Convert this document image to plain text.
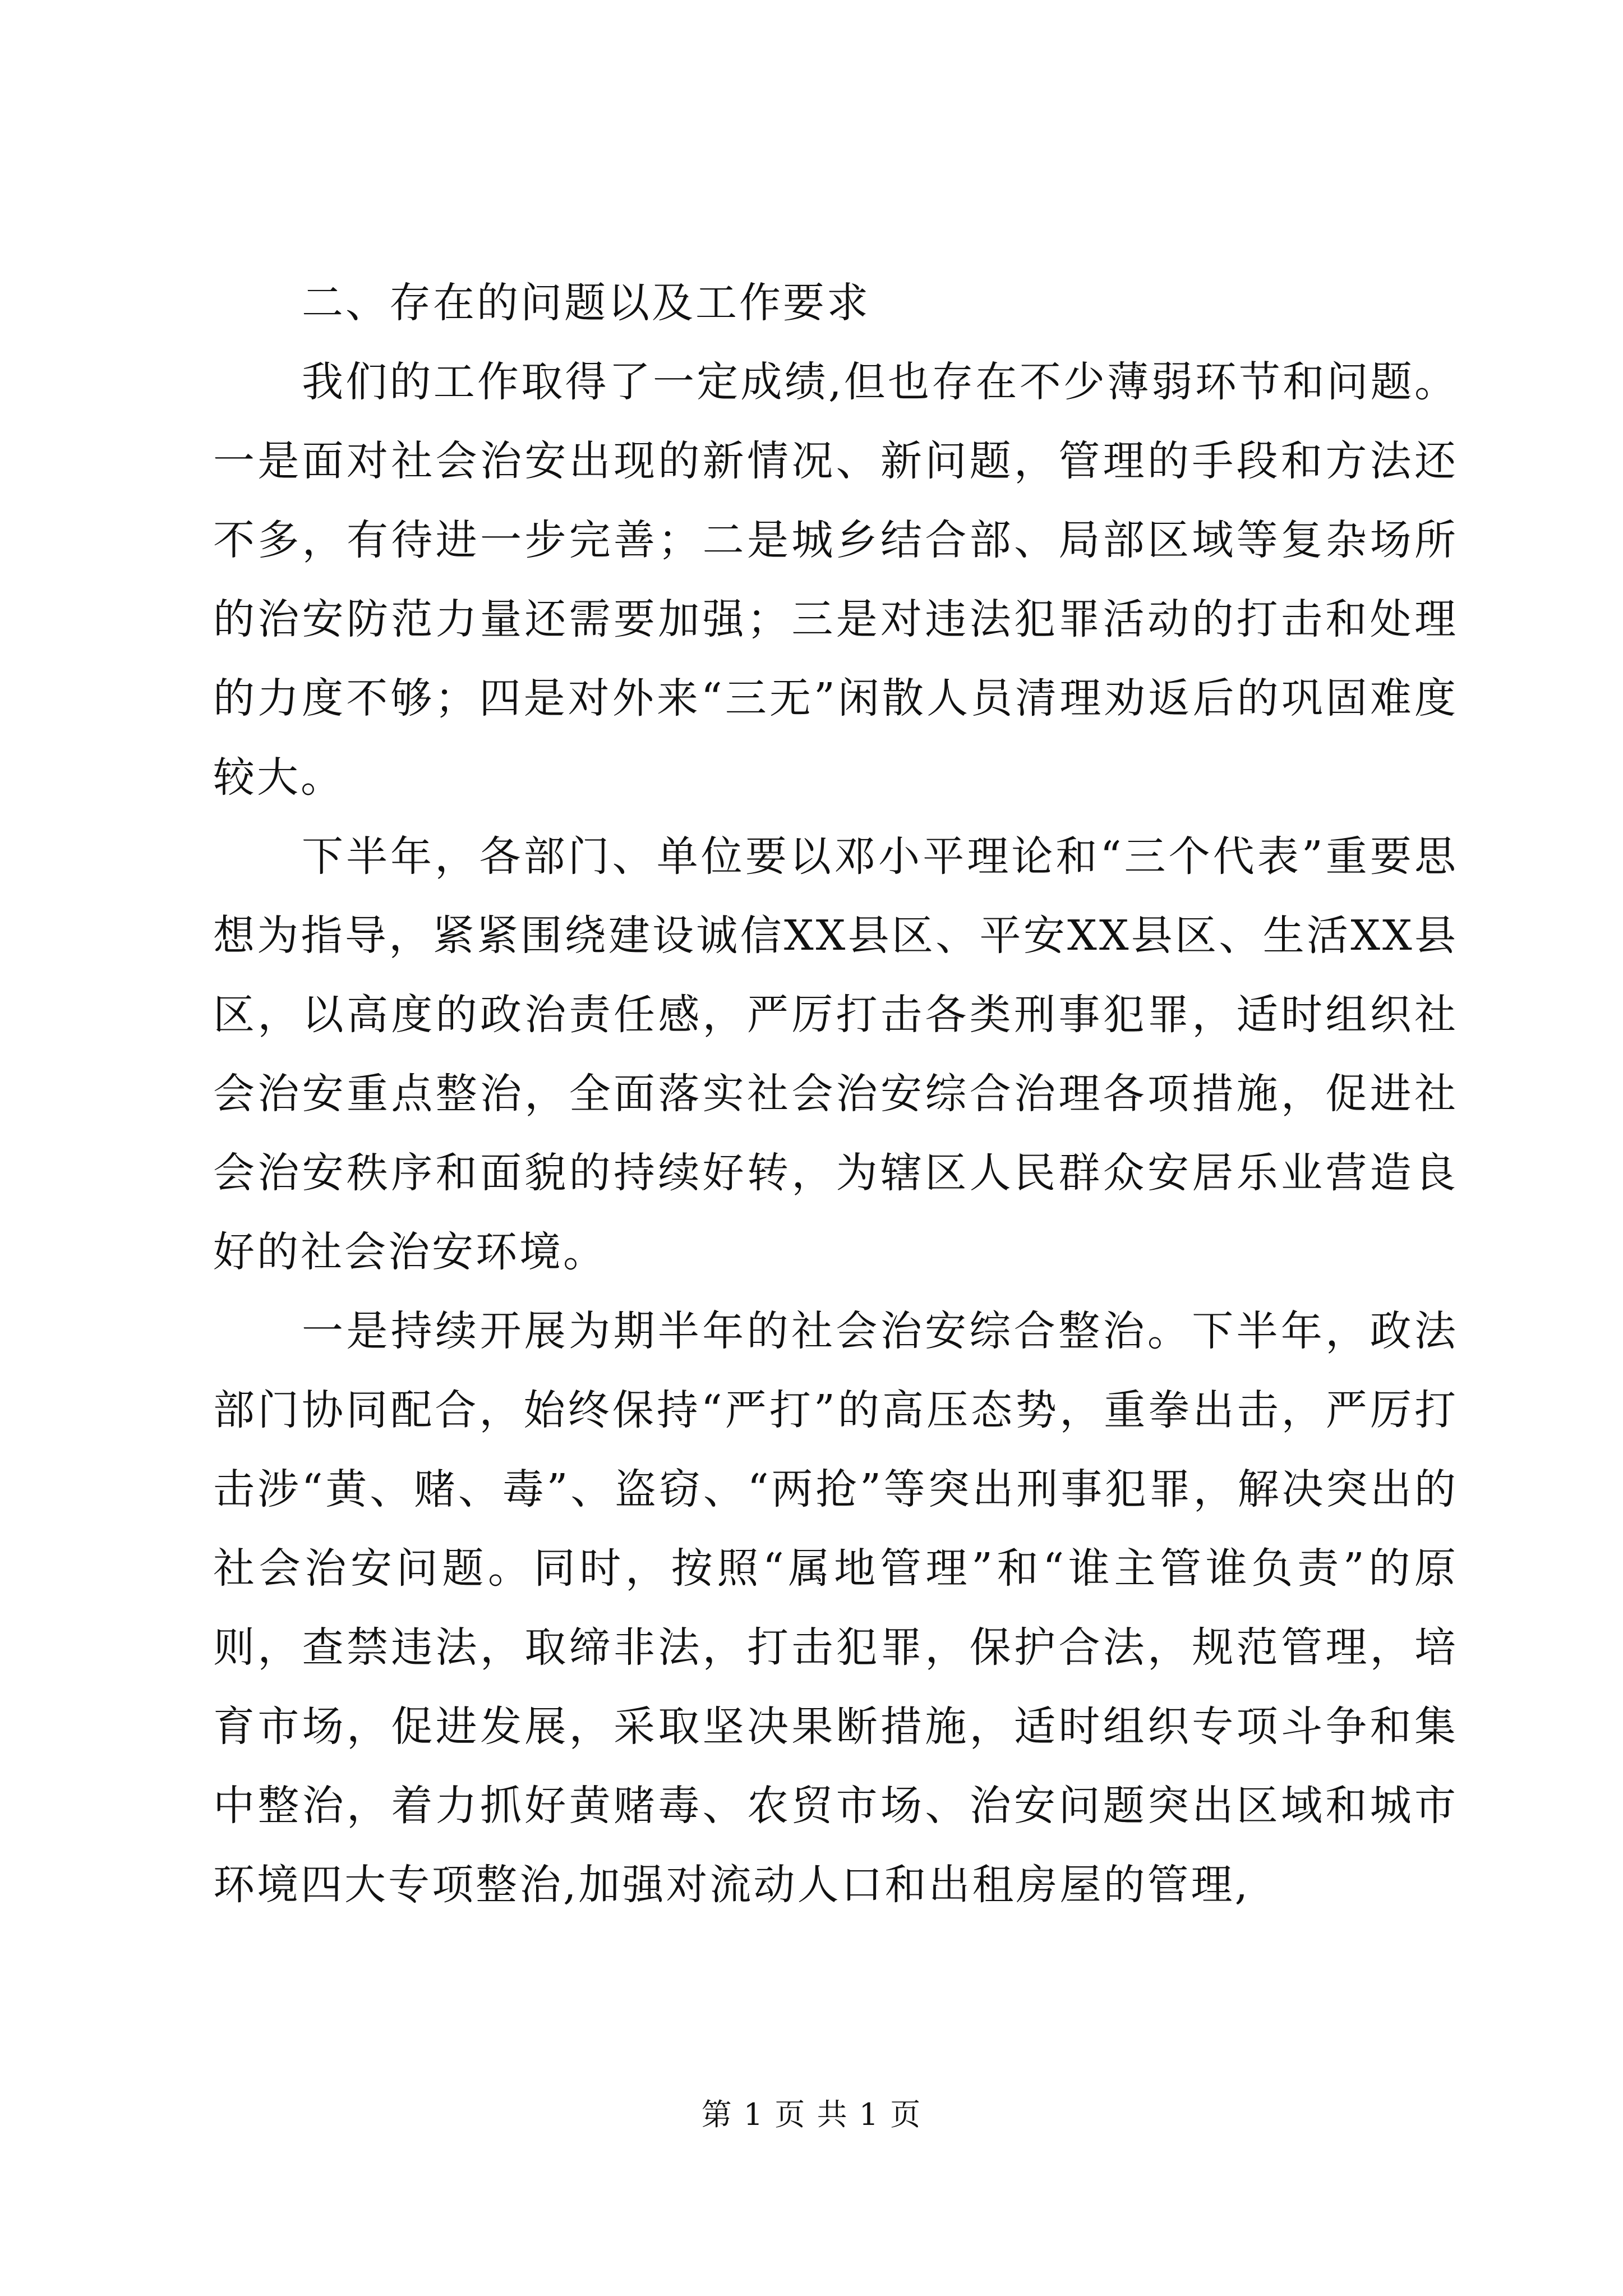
二、存在的问题以及工作要求

我们的工作取得了一定成绩,但也存在不少薄弱环节和问题。一是面对社会治安出现的新情况、新问题，管理的手段和方法还不多，有待进一步完善；二是城乡结合部、局部区域等复杂场所的治安防范力量还需要加强；三是对违法犯罪活动的打击和处理的力度不够；四是对外来“三无”闲散人员清理劝返后的巩固难度较大。

下半年，各部门、单位要以邓小平理论和“三个代表”重要思想为指导，紧紧围绕建设诚信XX县区、平安XX县区、生活XX县区，以高度的政治责任感，严厉打击各类刑事犯罪，适时组织社会治安重点整治，全面落实社会治安综合治理各项措施，促进社会治安秩序和面貌的持续好转，为辖区人民群众安居乐业营造良好的社会治安环境。

一是持续开展为期半年的社会治安综合整治。下半年，政法部门协同配合，始终保持“严打”的高压态势，重拳出击，严厉打击涉“黄、赌、毒”、盗窃、“两抢”等突出刑事犯罪，解决突出的社会治安问题。同时，按照“属地管理”和“谁主管谁负责”的原则，查禁违法，取缔非法，打击犯罪，保护合法，规范管理，培育市场，促进发展，采取坚决果断措施，适时组织专项斗争和集中整治，着力抓好黄赌毒、农贸市场、治安问题突出区域和城市环境四大专项整治,加强对流动人口和出租房屋的管理,

第 1 页 共 1 页
